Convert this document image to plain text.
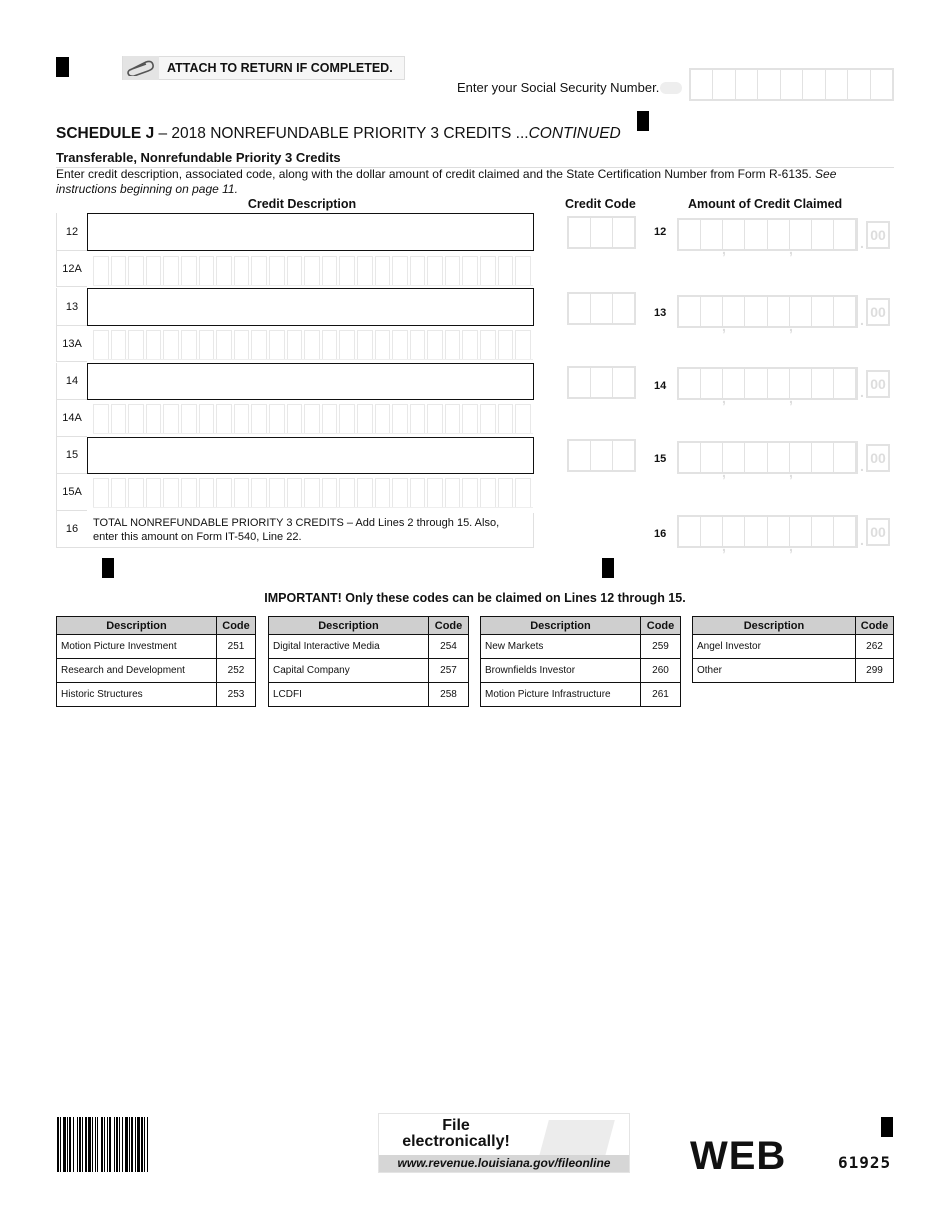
ATTACH TO RETURN IF COMPLETED.
Enter your Social Security Number.
SCHEDULE J – 2018 NONREFUNDABLE PRIORITY 3 CREDITS ...CONTINUED
Transferable, Nonrefundable Priority 3 Credits
Enter credit description, associated code, along with the dollar amount of credit claimed and the State Certification Number from Form R-6135. See instructions beginning on page 11.
Credit Description	Credit Code	Amount of Credit Claimed
12	12
,	,	.
00
12A
13
13
,	,	.
00
13A
14	14
,	,	.
00
14A
15	15
,	,	.
00
15A
16	TOTAL NONREFUNDABLE PRIORITY 3 CREDITS – Add Lines 2 through 15. Also, enter this amount on Form IT-540, Line 22.	16
,	,	.
00
IMPORTANT! Only these codes can be claimed on Lines 12 through 15.
Description	Code
Motion Picture Investment	251
Research and Development	252
Historic Structures	253
Description	Code
Digital Interactive Media	254
Capital Company	257
LCDFI	258
Description	Code
New Markets	259
Brownfields Investor	260
Motion Picture Infrastructure	261
Description	Code
Angel Investor	262
Other	299
File
electronically!
www.revenue.louisiana.gov/fileonline	WEB	61925
